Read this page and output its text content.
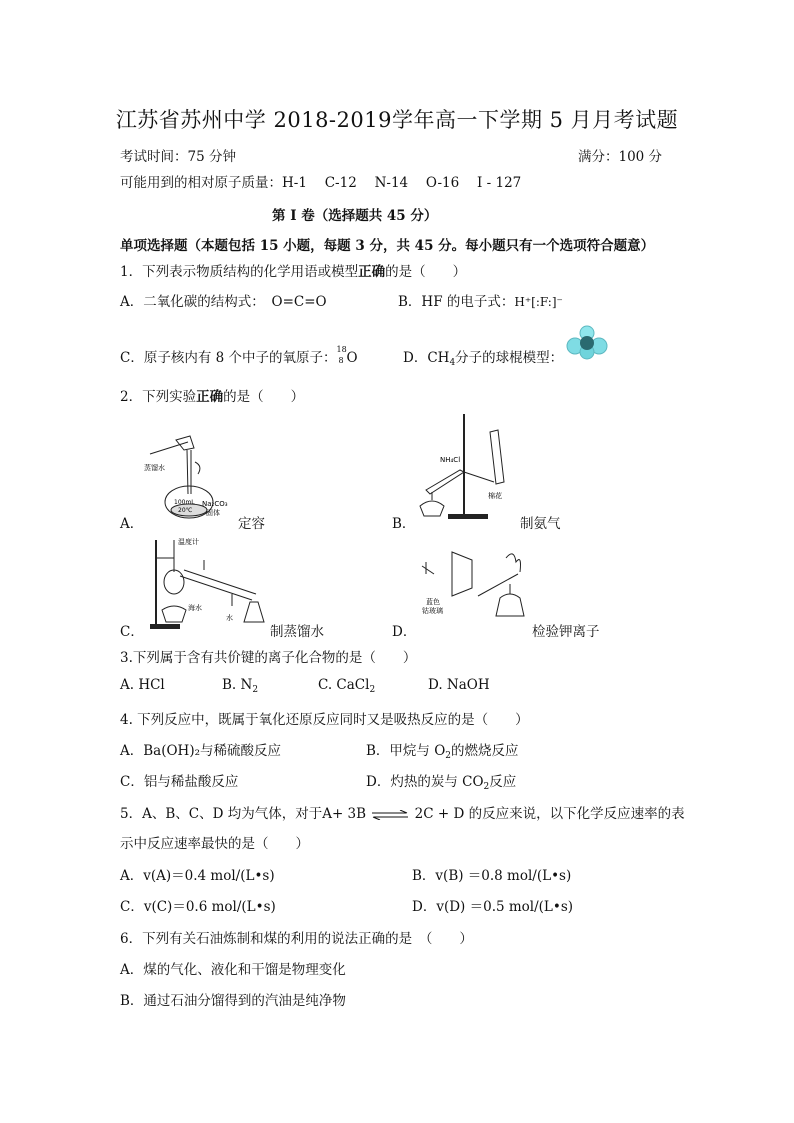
江苏省苏州中学 2018-2019学年高一下学期 5 月月考试题
考试时间：75 分钟	满分：100 分
可能用到的相对原子质量：H-1　 C-12　 N-14　 O-16　 I - 127
第 I 卷（选择题共 45 分）
单项选择题（本题包括 15 小题，每题 3 分，共 45 分。每小题只有一个选项符合题意）
1．下列表示物质结构的化学用语或模型正确的是（　　）
A．二氧化碳的结构式：　O=C=O	B．HF 的电子式：H⁺[:F:]⁻
C．原子核内有 8 个中子的氧原子：
18
8 O	D．$CH_4$分子的球棍模型：
2．下列实验正确的是（　　）
蒸馏水
100mL
20℃
Na₂CO₃
固体
A．	定容
NH₄Cl
棉花
B．	制氨气
温度计
海水
水
C．	制蒸馏水
蓝色
钴玻璃
D．	检验钾离子
3.下列属于含有共价键的离子化合物的是（　　）
A. HCl	B. $N_2$	C. CaCl$_2$	D. NaOH
4. 下列反应中，既属于氧化还原反应同时又是吸热反应的是（　　）
A．Ba(OH)₂与稀硫酸反应	B．甲烷与 $O_2$的燃烧反应
C．铝与稀盐酸反应	D．灼热的炭与 $CO_2$反应
5．A、B、C、D 均为气体，对于A+ 3B ⇌ 2C + D 的反应来说，以下化学反应速率的表
示中反应速率最快的是（　　）
A．v(A)＝0.4 mol/(L•s)	B．v(B) ＝0.8 mol/(L•s)
C．v(C)＝0.6 mol/(L•s)	D．v(D) ＝0.5 mol/(L•s)
6．下列有关石油炼制和煤的利用的说法正确的是　（　　）
A．煤的气化、液化和干馏是物理变化
B．通过石油分馏得到的汽油是纯净物
